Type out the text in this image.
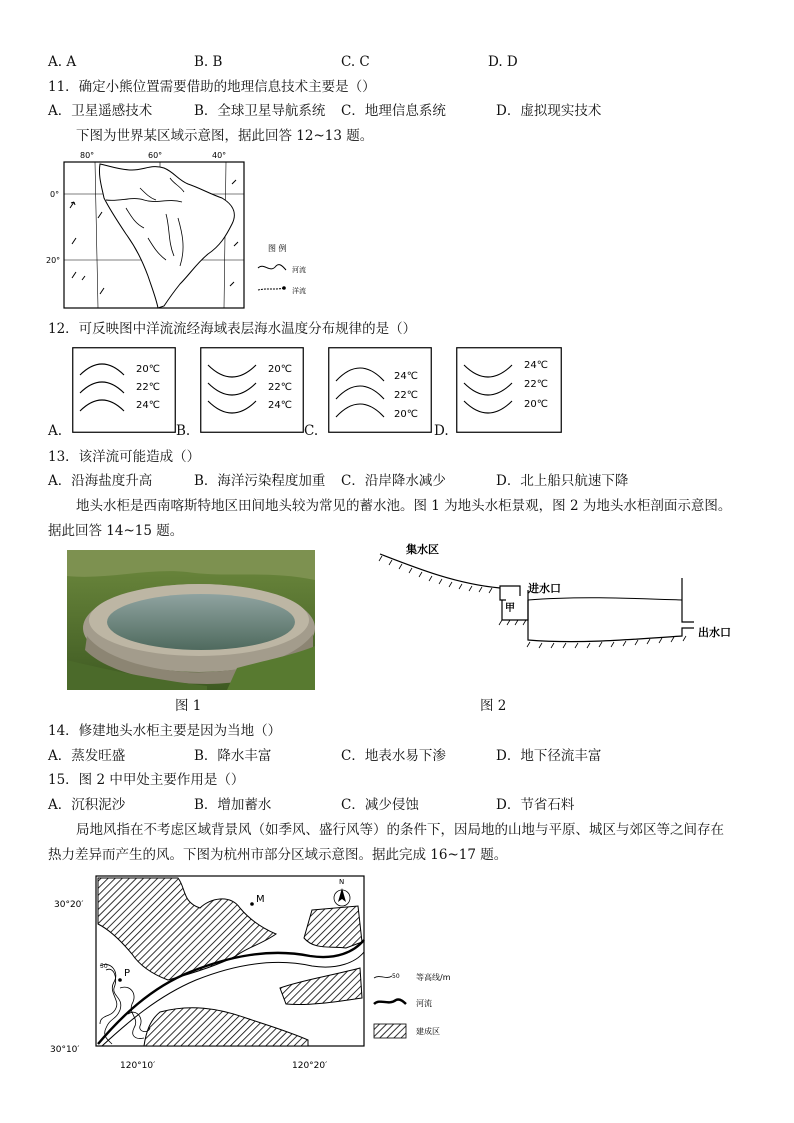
A. A	B. B	C. C	D. D
11．确定小熊位置需要借助的地理信息技术主要是（）
A．卫星遥感技术	B．全球卫星导航系统 C．地理信息系统	D．虚拟现实技术
下图为世界某区域示意图，据此回答 12~13 题。
80°	60°	40°
0°
20°
图 例
河流
洋流
12．可反映图中洋流流经海域表层海水温度分布规律的是（）
A.	B.	C.	D.
20℃
22℃
24℃
20℃
22℃
24℃
24℃
22℃
20℃
24℃
22℃
20℃
13．该洋流可能造成（）
A．沿海盐度升高	B．海洋污染程度加重 C．沿岸降水减少	D．北上船只航速下降
地头水柜是西南喀斯特地区田间地头较为常见的蓄水池。图 1 为地头水柜景观，图 2 为地头水柜剖面示意图。
据此回答 14~15 题。
图 1
集水区
进水口
甲
出水口
图 2
14．修建地头水柜主要是因为当地（）
A．蒸发旺盛	B．降水丰富	C．地表水易下渗	D．地下径流丰富
15．图 2 中甲处主要作用是（）
A．沉积泥沙	B．增加蓄水	C．减少侵蚀	D．节省石料
局地风指在不考虑区域背景风（如季风、盛行风等）的条件下，因局地的山地与平原、城区与郊区等之间存在
热力差异而产生的风。下图为杭州市部分区域示意图。据此完成 16~17 题。
30°20′
30°10′
120°10′	120°20′
50
M
P
N
50 等高线/m
河流
建成区
